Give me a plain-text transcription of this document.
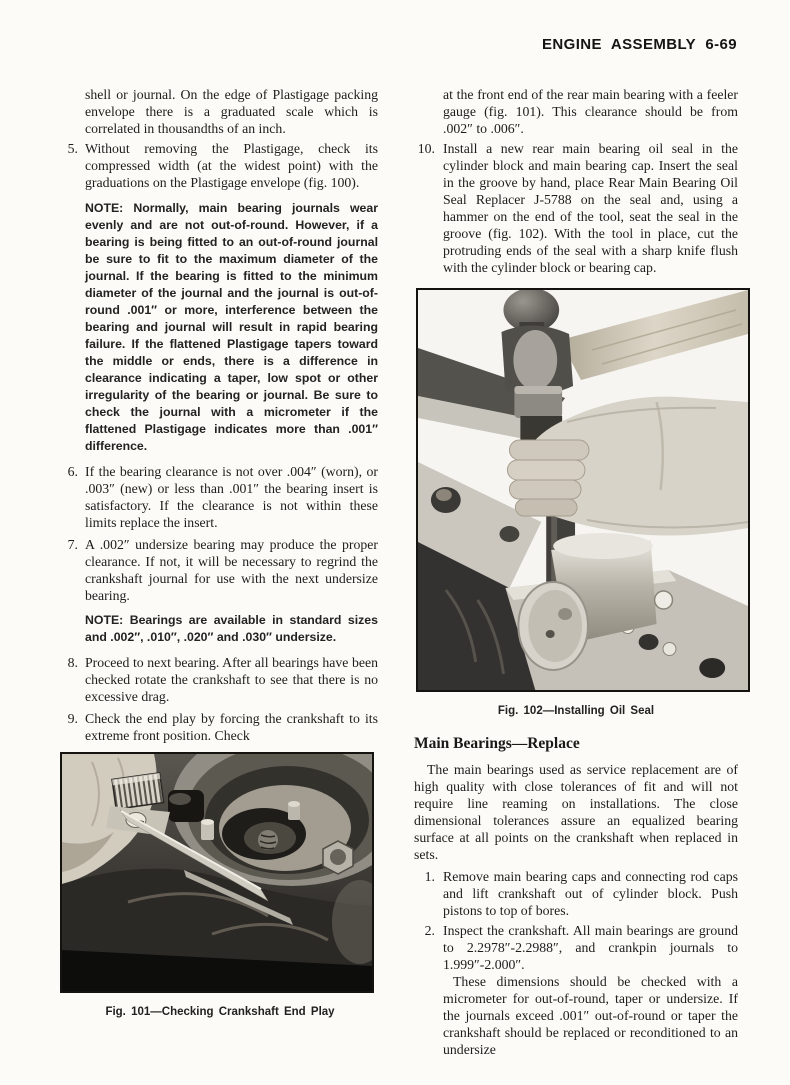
ENGINE ASSEMBLY 6-69
shell or journal. On the edge of Plastigage packing envelope there is a graduated scale which is correlated in thousandths of an inch.
5. Without removing the Plastigage, check its compressed width (at the widest point) with the graduations on the Plastigage envelope (fig. 100).
NOTE: Normally, main bearing journals wear evenly and are not out-of-round. However, if a bearing is being fitted to an out-of-round journal be sure to fit to the maximum diameter of the journal. If the bearing is fitted to the minimum diameter of the journal and the journal is out-of-round .001″ or more, interference between the bearing and journal will result in rapid bearing failure. If the flattened Plastigage tapers toward the middle or ends, there is a difference in clearance indicating a taper, low spot or other irregularity of the bearing or journal. Be sure to check the journal with a micrometer if the flattened Plastigage indicates more than .001″ difference.
6. If the bearing clearance is not over .004″ (worn), or .003″ (new) or less than .001″ the bearing insert is satisfactory. If the clearance is not within these limits replace the insert.
7. A .002″ undersize bearing may produce the proper clearance. If not, it will be necessary to regrind the crankshaft journal for use with the next undersize bearing.
NOTE: Bearings are available in standard sizes and .002″, .010″, .020″ and .030″ undersize.
8. Proceed to next bearing. After all bearings have been checked rotate the crankshaft to see that there is no excessive drag.
9. Check the end play by forcing the crankshaft to its extreme front position. Check
Fig. 101—Checking Crankshaft End Play
at the front end of the rear main bearing with a feeler gauge (fig. 101). This clearance should be from .002″ to .006″.
10. Install a new rear main bearing oil seal in the cylinder block and main bearing cap. Insert the seal in the groove by hand, place Rear Main Bearing Oil Seal Replacer J-5788 on the seal and, using a hammer on the end of the tool, seat the seal in the groove (fig. 102). With the tool in place, cut the protruding ends of the seal with a sharp knife flush with the cylinder block or bearing cap.
Fig. 102—Installing Oil Seal
Main Bearings—Replace
The main bearings used as service replacement are of high quality with close tolerances of fit and will not require line reaming on installations. The close dimensional tolerances assure an equalized bearing surface at all points on the crankshaft when replaced in sets.
1. Remove main bearing caps and connecting rod caps and lift crankshaft out of cylinder block. Push pistons to top of bores.
2. Inspect the crankshaft. All main bearings are ground to 2.2978″-2.2988″, and crankpin journals to 1.999″-2.000″.
These dimensions should be checked with a micrometer for out-of-round, taper or undersize. If the journals exceed .001″ out-of-round or taper the crankshaft should be replaced or reconditioned to an undersize
